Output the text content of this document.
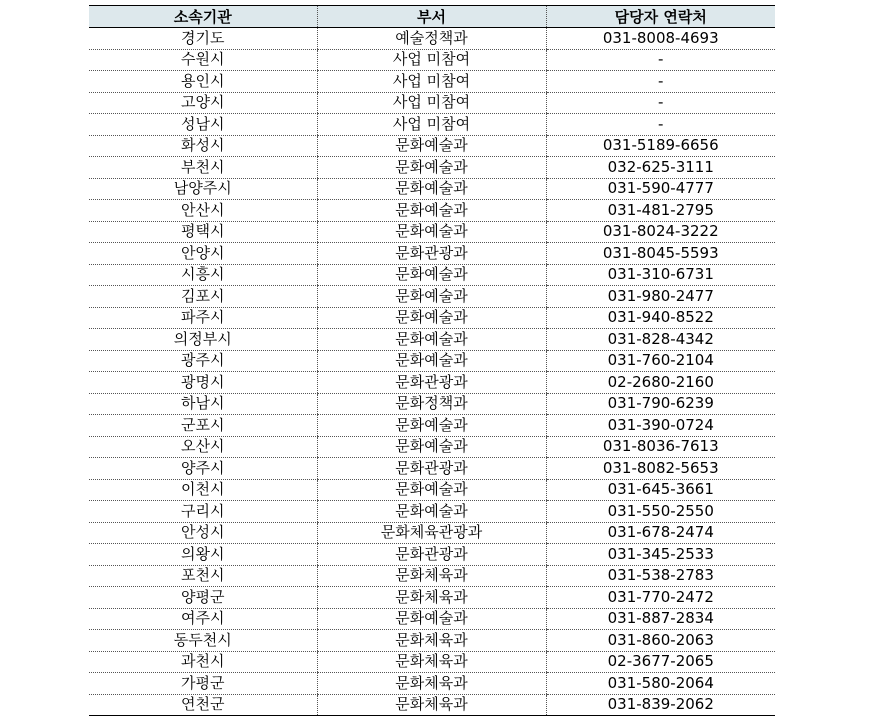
소속기관	부서	담당자 연락처
경기도	예술정책과	031-8008-4693
수원시	사업 미참여	-
용인시	사업 미참여	-
고양시	사업 미참여	-
성남시	사업 미참여	-
화성시	문화예술과	031-5189-6656
부천시	문화예술과	032-625-3111
남양주시	문화예술과	031-590-4777
안산시	문화예술과	031-481-2795
평택시	문화예술과	031-8024-3222
안양시	문화관광과	031-8045-5593
시흥시	문화예술과	031-310-6731
김포시	문화예술과	031-980-2477
파주시	문화예술과	031-940-8522
의정부시	문화예술과	031-828-4342
광주시	문화예술과	031-760-2104
광명시	문화관광과	02-2680-2160
하남시	문화정책과	031-790-6239
군포시	문화예술과	031-390-0724
오산시	문화예술과	031-8036-7613
양주시	문화관광과	031-8082-5653
이천시	문화예술과	031-645-3661
구리시	문화예술과	031-550-2550
안성시	문화체육관광과	031-678-2474
의왕시	문화관광과	031-345-2533
포천시	문화체육과	031-538-2783
양평군	문화체육과	031-770-2472
여주시	문화예술과	031-887-2834
동두천시	문화체육과	031-860-2063
과천시	문화체육과	02-3677-2065
가평군	문화체육과	031-580-2064
연천군	문화체육과	031-839-2062
